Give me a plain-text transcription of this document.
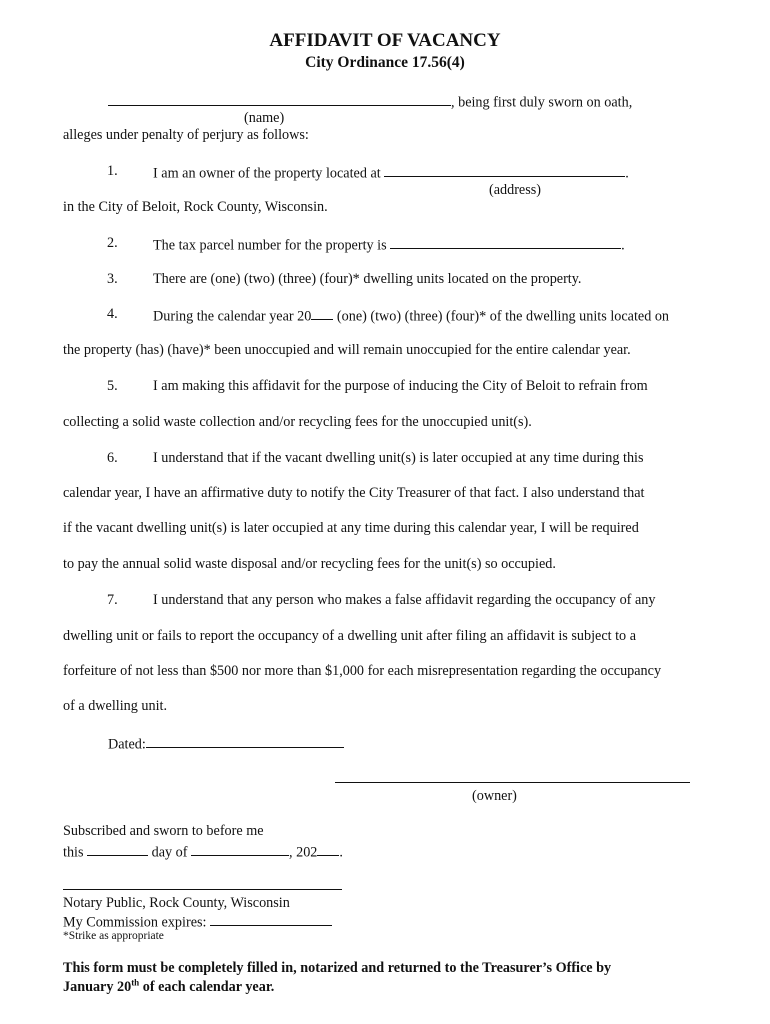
AFFIDAVIT OF VACANCY
City Ordinance 17.56(4)
, being first duly sworn on oath,
(name)
alleges under penalty of perjury as follows:
1. I am an owner of the property located at	.
(address)
in the City of Beloit, Rock County, Wisconsin.
2. The tax parcel number for the property is	.
3. There are (one) (two) (three) (four)* dwelling units located on the property.
4. During the calendar year 20 (one) (two) (three) (four)* of the dwelling units located on
the property (has) (have)* been unoccupied and will remain unoccupied for the entire calendar year.
5. I am making this affidavit for the purpose of inducing the City of Beloit to refrain from
collecting a solid waste collection and/or recycling fees for the unoccupied unit(s).
6. I understand that if the vacant dwelling unit(s) is later occupied at any time during this
calendar year, I have an affirmative duty to notify the City Treasurer of that fact. I also understand that
if the vacant dwelling unit(s) is later occupied at any time during this calendar year, I will be required
to pay the annual solid waste disposal and/or recycling fees for the unit(s) so occupied.
7. I understand that any person who makes a false affidavit regarding the occupancy of any
dwelling unit or fails to report the occupancy of a dwelling unit after filing an affidavit is subject to a
forfeiture of not less than $500 nor more than $1,000 for each misrepresentation regarding the occupancy
of a dwelling unit.
Dated:
(owner)
Subscribed and sworn to before me
this	day of	, 202 .
Notary Public, Rock County, Wisconsin
My Commission expires:
*Strike as appropriate
This form must be completely filled in, notarized and returned to the Treasurer’s Office by
January 20th of each calendar year.
